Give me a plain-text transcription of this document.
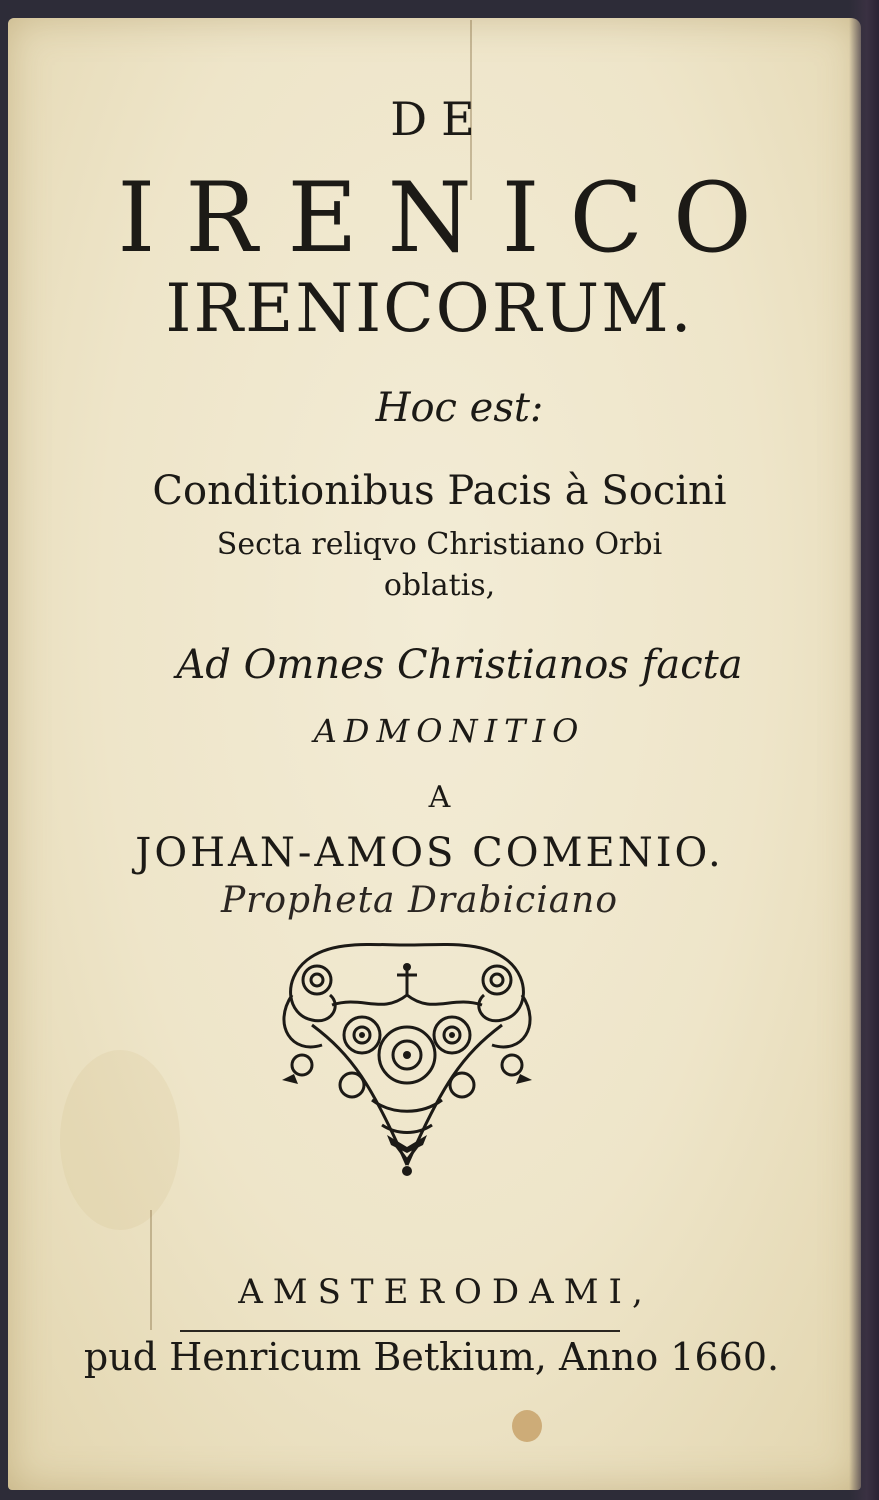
DE
IRENICO
IRENICORUM.
Hoc est:
Conditionibus Pacis à Socini
Secta reliqvo Christiano Orbi
oblatis,
Ad Omnes Christianos facta
ADMONITIO
A
JOHAN-AMOS COMENIO.
Propheta Drabiciano
AMSTERODAMI,
pud Henricum Betkium, Anno 1660.
